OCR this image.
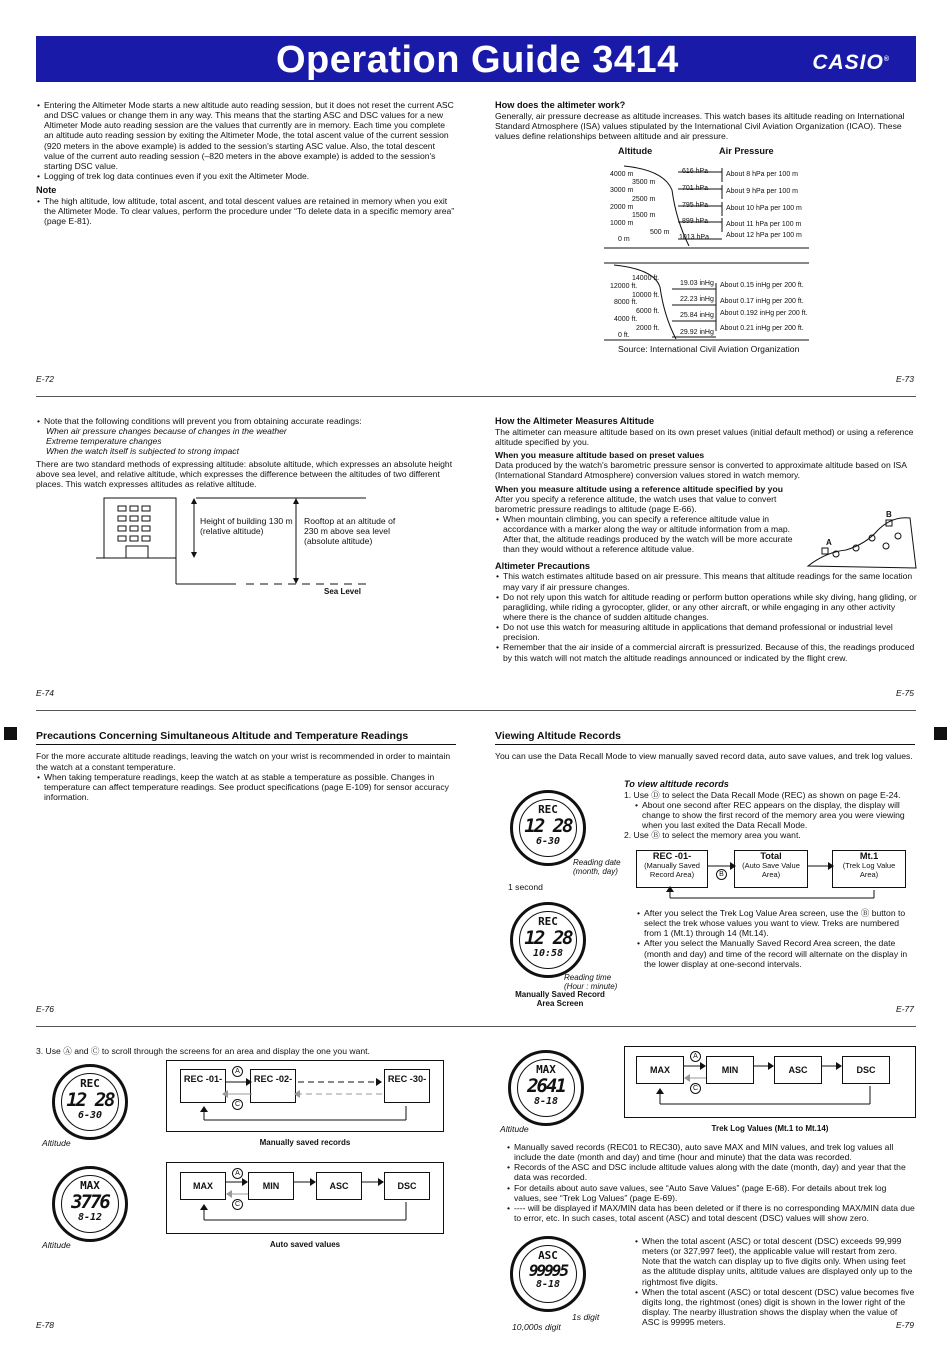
Operation Guide 3414	CASIO®
• Entering the Altimeter Mode starts a new altitude auto reading session, but it does not reset the current ASC and DSC values or change them in any way. This means that the starting ASC and DSC values for a new Altimeter Mode auto reading session are the values that currently are in memory. Each time you complete an altitude auto reading session by exiting the Altimeter Mode, the total ascent value of the current session (920 meters in the above example) is added to the session's starting ASC value. Also, the total descent value of the current auto reading session (–820 meters in the above example) is added to the session's starting DSC value.
• Logging of trek log data continues even if you exit the Altimeter Mode.
Note
• The high altitude, low altitude, total ascent, and total descent values are retained in memory when you exit the Altimeter Mode. To clear values, perform the procedure under “To delete data in a specific memory area” (page E-81).
E-72
How does the altimeter work?
Generally, air pressure decrease as altitude increases. This watch bases its altitude reading on International Standard Atmosphere (ISA) values stipulated by the International Civil Aviation Organization (ICAO). These values define relationships between altitude and air pressure.
Altitude	Air Pressure
4000 m
3500 m
3000 m
2500 m
2000 m
1500 m
1000 m
500 m
0 m
616 hPa
701 hPa
795 hPa
899 hPa
1013 hPa
About 8 hPa per 100 m
About 9 hPa per 100 m
About 10 hPa per 100 m
About 11 hPa per 100 m
About 12 hPa per 100 m
14000 ft.
12000 ft.
10000 ft.
8000 ft.
6000 ft.
4000 ft.
2000 ft.
0 ft.
19.03 inHg
22.23 inHg
25.84 inHg
29.92 inHg
About 0.15 inHg per 200 ft.
About 0.17 inHg per 200 ft.
About 0.192 inHg per 200 ft.
About 0.21 inHg per 200 ft.
Source: International Civil Aviation Organization
E-73
• Note that the following conditions will prevent you from obtaining accurate readings:
When air pressure changes because of changes in the weather
Extreme temperature changes
When the watch itself is subjected to strong impact
There are two standard methods of expressing altitude: absolute altitude, which expresses an absolute height above sea level, and relative altitude, which expresses the difference between the altitudes of two different places. This watch expresses altitudes as relative altitude.
Height of building 130 m (relative altitude)
Rooftop at an altitude of 230 m above sea level (absolute altitude)
Sea Level
E-74
How the Altimeter Measures Altitude
The altimeter can measure altitude based on its own preset values (initial default method) or using a reference altitude specified by you.
When you measure altitude based on preset values
Data produced by the watch's barometric pressure sensor is converted to approximate altitude based on ISA (International Standard Atmosphere) conversion values stored in watch memory.
When you measure altitude using a reference altitude specified by you
After you specify a reference altitude, the watch uses that value to convert barometric pressure readings to altitude (page E-66).
• When mountain climbing, you can specify a reference altitude value in accordance with a marker along the way or altitude information from a map. After that, the altitude readings produced by the watch will be more accurate than they would without a reference altitude value.
Altimeter Precautions
• This watch estimates altitude based on air pressure. This means that altitude readings for the same location may vary if air pressure changes.
• Do not rely upon this watch for altitude reading or perform button operations while sky diving, hang gliding, or paragliding, while riding a gyrocopter, glider, or any other aircraft, or while engaging in any other activity where there is the chance of sudden altitude changes.
• Do not use this watch for measuring altitude in applications that demand professional or industrial level precision.
• Remember that the air inside of a commercial aircraft is pressurized. Because of this, the readings produced by this watch will not match the altitude readings announced or indicated by the flight crew.
A
B
E-75
Precautions Concerning Simultaneous Altitude and Temperature Readings
For the more accurate altitude readings, leaving the watch on your wrist is recommended in order to maintain the watch at a constant temperature.
• When taking temperature readings, keep the watch at as stable a temperature as possible. Changes in temperature can affect temperature readings. See product specifications (page E-109) for sensor accuracy information.
E-76
Viewing Altitude Records
You can use the Data Recall Mode to view manually saved record data, auto save values, and trek log values.
To view altitude records
1. Use Ⓓ to select the Data Recall Mode (REC) as shown on page E-24.
• About one second after REC appears on the display, the display will change to show the first record of the memory area you were viewing when you last exited the Data Recall Mode.
2. Use Ⓑ to select the memory area you want.
REC
12 28
6-30
REC
12 28
10:58
Reading date (month, day)
1 second
Reading time (Hour : minute)
Manually Saved Record Area Screen
REC -01-
(Manually Saved Record Area)
Total
(Auto Save Value Area)
Mt.1
(Trek Log Value Area)
B
• After you select the Trek Log Value Area screen, use the Ⓑ button to select the trek whose values you want to view. Treks are numbered from 1 (Mt.1) through 14 (Mt.14).
• After you select the Manually Saved Record Area screen, the date (month and day) and time of the record will alternate on the display in the lower display at one-second intervals.
E-77
3. Use Ⓐ and Ⓒ to scroll through the screens for an area and display the one you want.
REC
12 28
6-30
Altitude
MAX
3776
8-12
Altitude
REC -01-	REC -02-	REC -30-
A
C
Manually saved records
MAX	MIN	ASC	DSC
A
C
Auto saved values
E-78
MAX
2641
8-18
Altitude
MAX	MIN	ASC	DSC
A
C
Trek Log Values (Mt.1 to Mt.14)
• Manually saved records (REC01 to REC30), auto save MAX and MIN values, and trek log values all include the date (month and day) and time (hour and minute) that the data was recorded.
• Records of the ASC and DSC include altitude values along with the date (month, day) and year that the data was recorded.
• For details about auto save values, see “Auto Save Values” (page E-68). For details about trek log values, see “Trek Log Values” (page E-69).
• ---- will be displayed if MAX/MIN data has been deleted or if there is no corresponding MAX/MIN data due to error, etc. In such cases, total ascent (ASC) and total descent (DSC) values will show zero.
ASC
99995
8-18
1s digit
10,000s digit
• When the total ascent (ASC) or total descent (DSC) exceeds 99,999 meters (or 327,997 feet), the applicable value will restart from zero. Note that the watch can display up to five digits only. When using feet as the altitude display units, altitude values are displayed only up to the rightmost five digits.
• When the total ascent (ASC) or total descent (DSC) value becomes five digits long, the rightmost (ones) digit is shown in the lower right of the display. The nearby illustration shows the display when the value of ASC is 99995 meters.	E-79
